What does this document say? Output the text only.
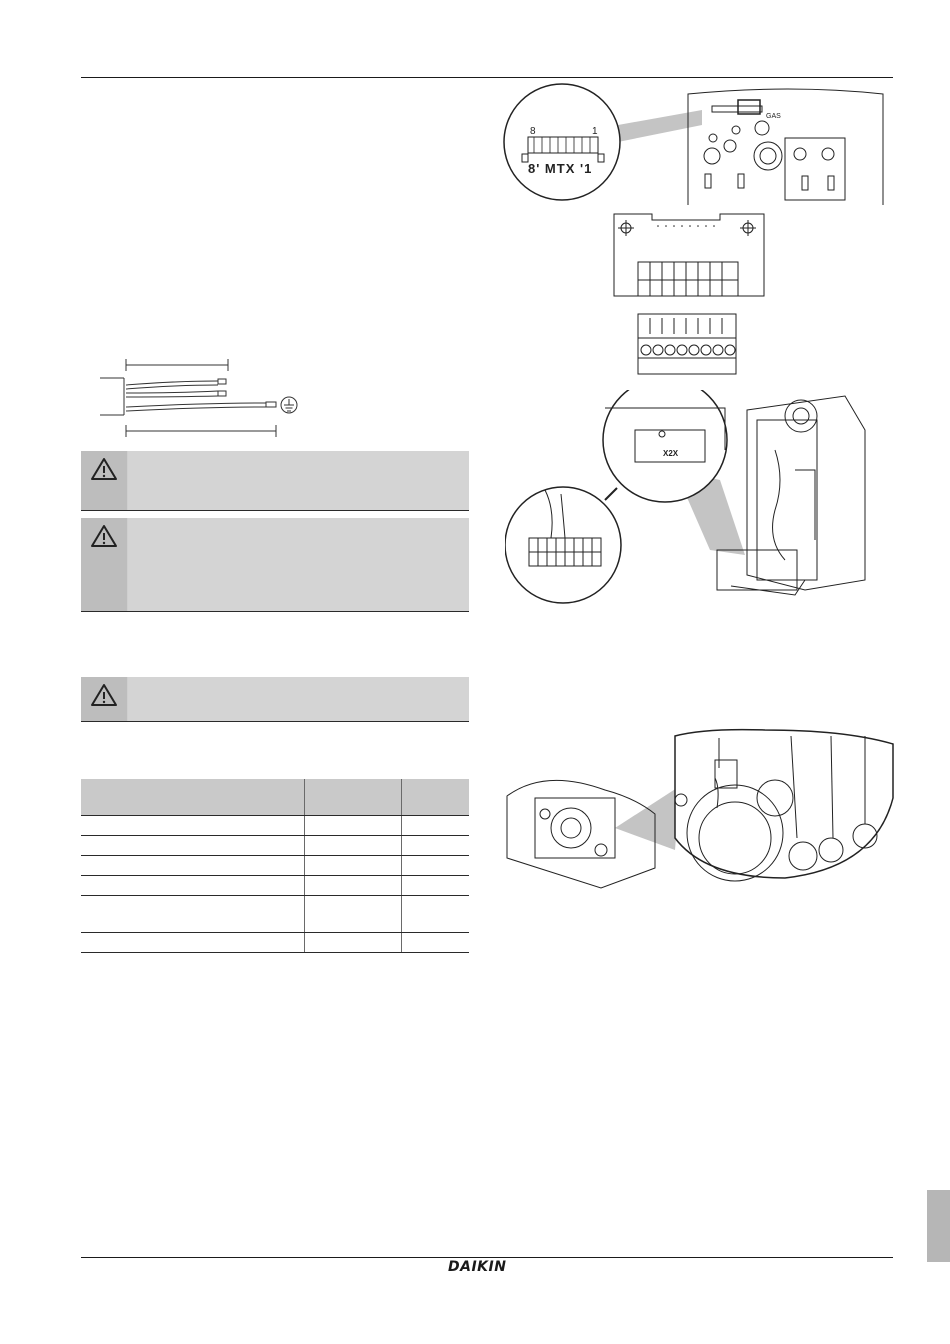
8	1
8' MTX '1
GAS
X2X
DAIKIN
